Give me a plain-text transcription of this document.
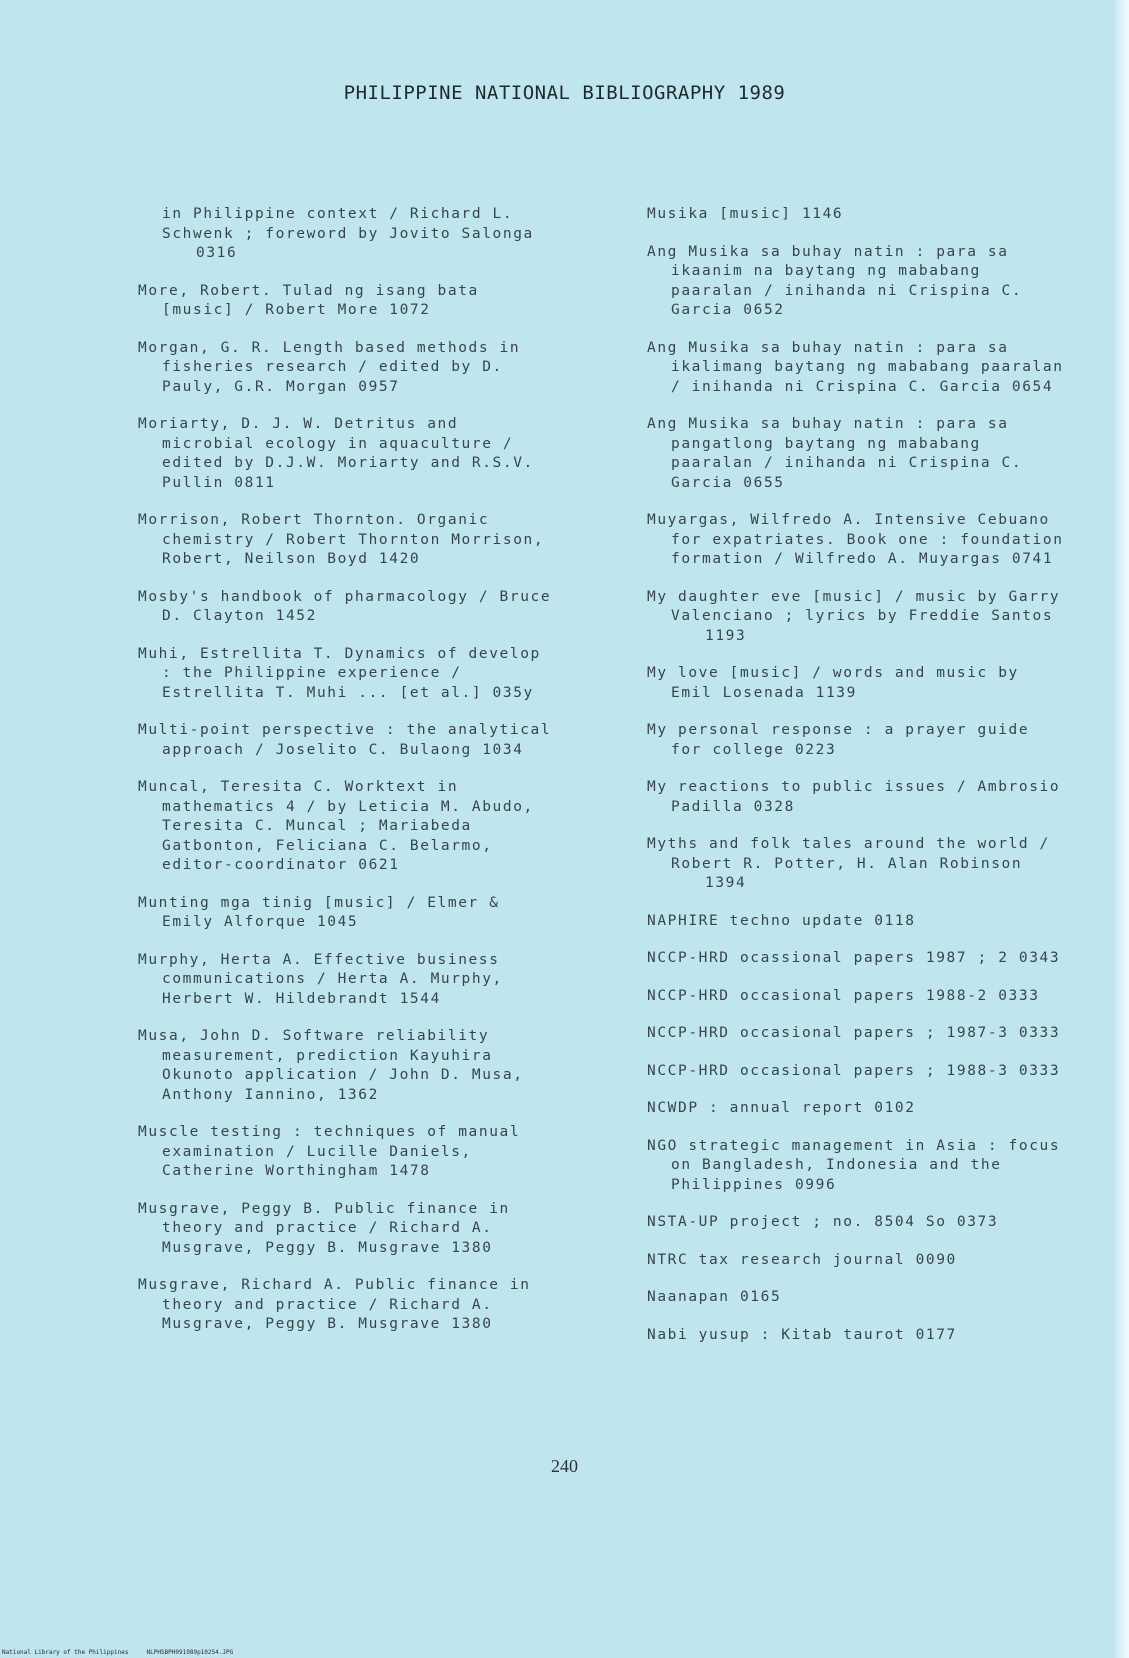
PHILIPPINE NATIONAL BIBLIOGRAPHY 1989
in Philippine context / Richard L.
Schwenk ; foreword by Jovito Salonga
0316
More, Robert. Tulad ng isang bata
[music] / Robert More 1072
Morgan, G. R. Length based methods in
fisheries research / edited by D.
Pauly, G.R. Morgan 0957
Moriarty, D. J. W. Detritus and
microbial ecology in aquaculture /
edited by D.J.W. Moriarty and R.S.V.
Pullin 0811
Morrison, Robert Thornton. Organic
chemistry / Robert Thornton Morrison,
Robert, Neilson Boyd 1420
Mosby's handbook of pharmacology / Bruce
D. Clayton 1452
Muhi, Estrellita T. Dynamics of develop
: the Philippine experience /
Estrellita T. Muhi ... [et al.] 035y
Multi-point perspective : the analytical
approach / Joselito C. Bulaong 1034
Muncal, Teresita C. Worktext in
mathematics 4 / by Leticia M. Abudo,
Teresita C. Muncal ; Mariabeda
Gatbonton, Feliciana C. Belarmo,
editor-coordinator 0621
Munting mga tinig [music] / Elmer &
Emily Alforque 1045
Murphy, Herta A. Effective business
communications / Herta A. Murphy,
Herbert W. Hildebrandt 1544
Musa, John D. Software reliability
measurement, prediction Kayuhira
Okunoto application / John D. Musa,
Anthony Iannino, 1362
Muscle testing : techniques of manual
examination / Lucille Daniels,
Catherine Worthingham 1478
Musgrave, Peggy B. Public finance in
theory and practice / Richard A.
Musgrave, Peggy B. Musgrave 1380
Musgrave, Richard A. Public finance in
theory and practice / Richard A.
Musgrave, Peggy B. Musgrave 1380
Musika [music] 1146
Ang Musika sa buhay natin : para sa
ikaanim na baytang ng mababang
paaralan / inihanda ni Crispina C.
Garcia 0652
Ang Musika sa buhay natin : para sa
ikalimang baytang ng mababang paaralan
/ inihanda ni Crispina C. Garcia 0654
Ang Musika sa buhay natin : para sa
pangatlong baytang ng mababang
paaralan / inihanda ni Crispina C.
Garcia 0655
Muyargas, Wilfredo A. Intensive Cebuano
for expatriates. Book one : foundation
formation / Wilfredo A. Muyargas 0741
My daughter eve [music] / music by Garry
Valenciano ; lyrics by Freddie Santos
1193
My love [music] / words and music by
Emil Losenada 1139
My personal response : a prayer guide
for college 0223
My reactions to public issues / Ambrosio
Padilla 0328
Myths and folk tales around the world /
Robert R. Potter, H. Alan Robinson
1394
NAPHIRE techno update 0118
NCCP-HRD ocassional papers 1987 ; 2 0343
NCCP-HRD occasional papers 1988-2 0333
NCCP-HRD occasional papers ; 1987-3 0333
NCCP-HRD occasional papers ; 1988-3 0333
NCWDP : annual report 0102
NGO strategic management in Asia : focus
on Bangladesh, Indonesia and the
Philippines 0996
NSTA-UP project ; no. 8504 So 0373
NTRC tax research journal 0090
Naanapan 0165
Nabi yusup : Kitab taurot 0177
240
National Library of the Philippines     NLPHSBPH091989p10254.JPG
